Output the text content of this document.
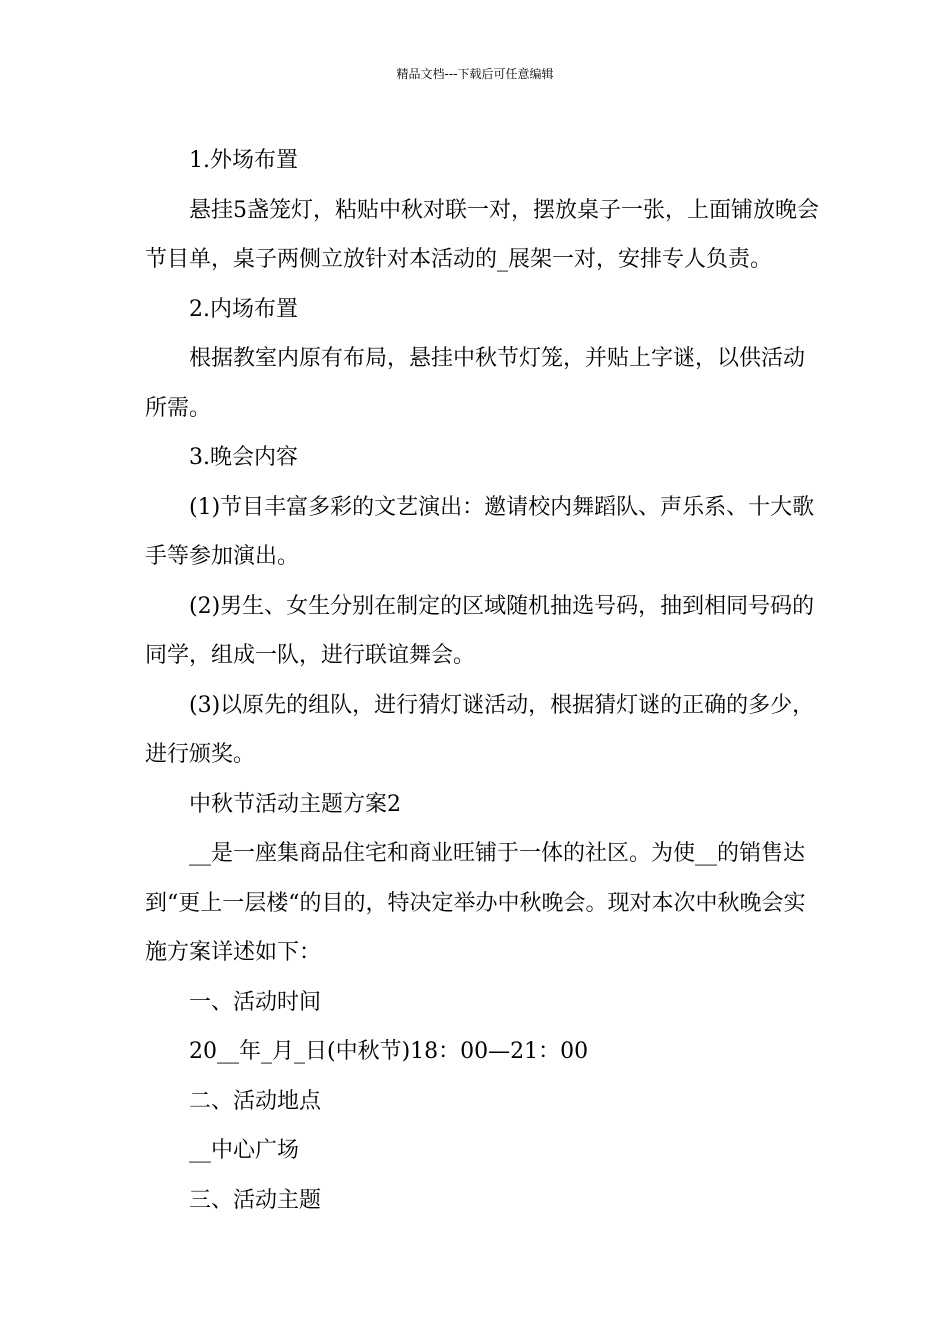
精品文档---下载后可任意编辑

1.外场布置

悬挂5盏笼灯，粘贴中秋对联一对，摆放桌子一张，上面铺放晚会节目单，桌子两侧立放针对本活动的_展架一对，安排专人负责。

2.内场布置

根据教室内原有布局，悬挂中秋节灯笼，并贴上字谜，以供活动所需。

3.晚会内容

(1)节目丰富多彩的文艺演出：邀请校内舞蹈队、声乐系、十大歌手等参加演出。

(2)男生、女生分别在制定的区域随机抽选号码，抽到相同号码的同学，组成一队，进行联谊舞会。

(3)以原先的组队，进行猜灯谜活动，根据猜灯谜的正确的多少，进行颁奖。

中秋节活动主题方案2

__是一座集商品住宅和商业旺铺于一体的社区。为使__的销售达到“更上一层楼“的目的，特决定举办中秋晚会。现对本次中秋晚会实施方案详述如下：

一、活动时间

20__年_月_日(中秋节)18：00—21：00

二、活动地点

__中心广场

三、活动主题
